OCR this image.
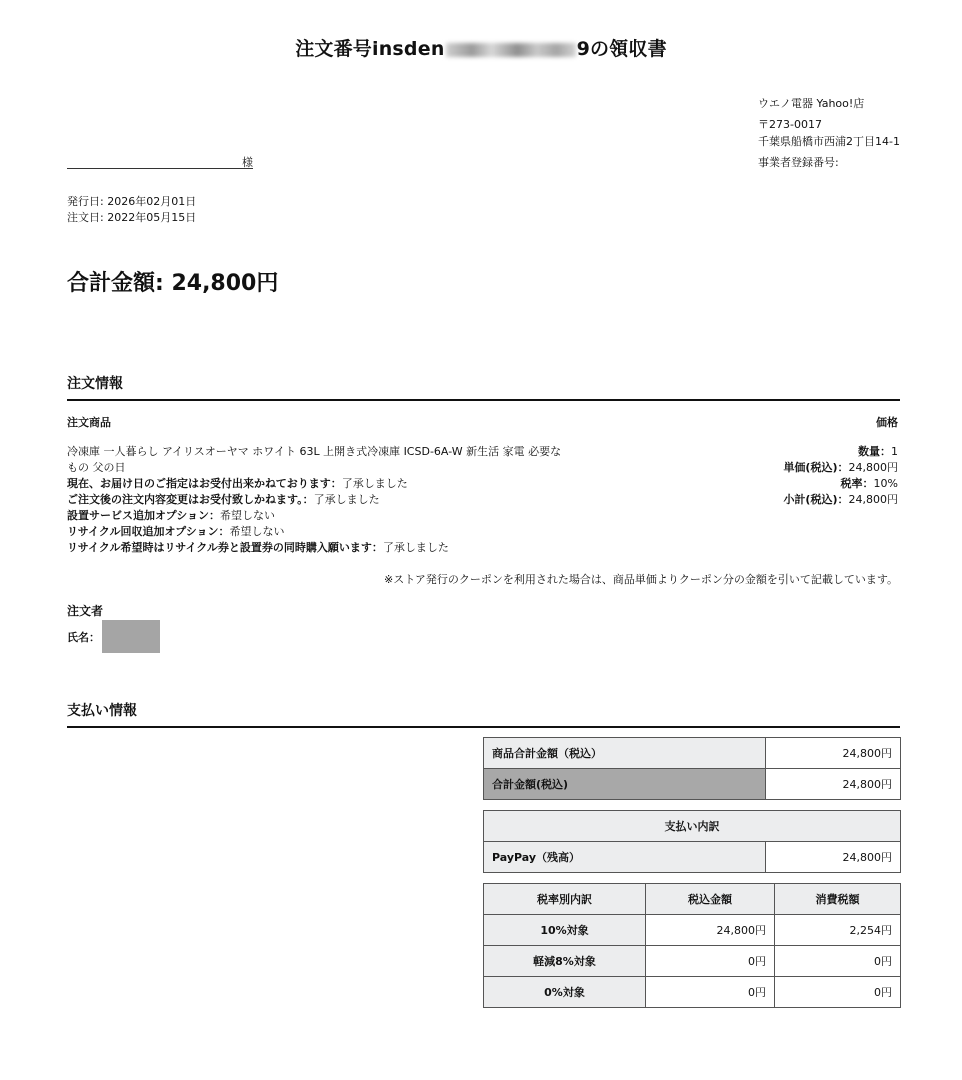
注文番号insden	9の領収書
ウエノ電器 Yahoo!店
〒273-0017
千葉県船橋市西浦2丁目14-1
事業者登録番号:
様
発行日: 2026年02月01日
注文日: 2022年05月15日
合計金額: 24,800円
注文情報
注文商品	価格
冷凍庫 一人暮らし アイリスオーヤマ ホワイト 63L 上開き式冷凍庫 ICSD-6A-W 新生活 家電 必要なもの 父の日
現在、お届け日のご指定はお受付出来かねております：了承しました
ご注文後の注文内容変更はお受付致しかねます。：了承しました
設置サービス追加オプション：希望しない
リサイクル回収追加オプション：希望しない
リサイクル希望時はリサイクル券と設置券の同時購入願います：了承しました
数量：1
単価(税込)：24,800円
税率：10%
小計(税込)：24,800円
※ストア発行のクーポンを利用された場合は、商品単価よりクーポン分の金額を引いて記載しています。
注文者
氏名：
支払い情報
商品合計金額（税込）	24,800円
合計金額(税込)	24,800円
支払い内訳
PayPay（残高）	24,800円
税率別内訳	税込金額	消費税額
10%対象	24,800円	2,254円
軽減8%対象	0円	0円
0%対象	0円	0円
